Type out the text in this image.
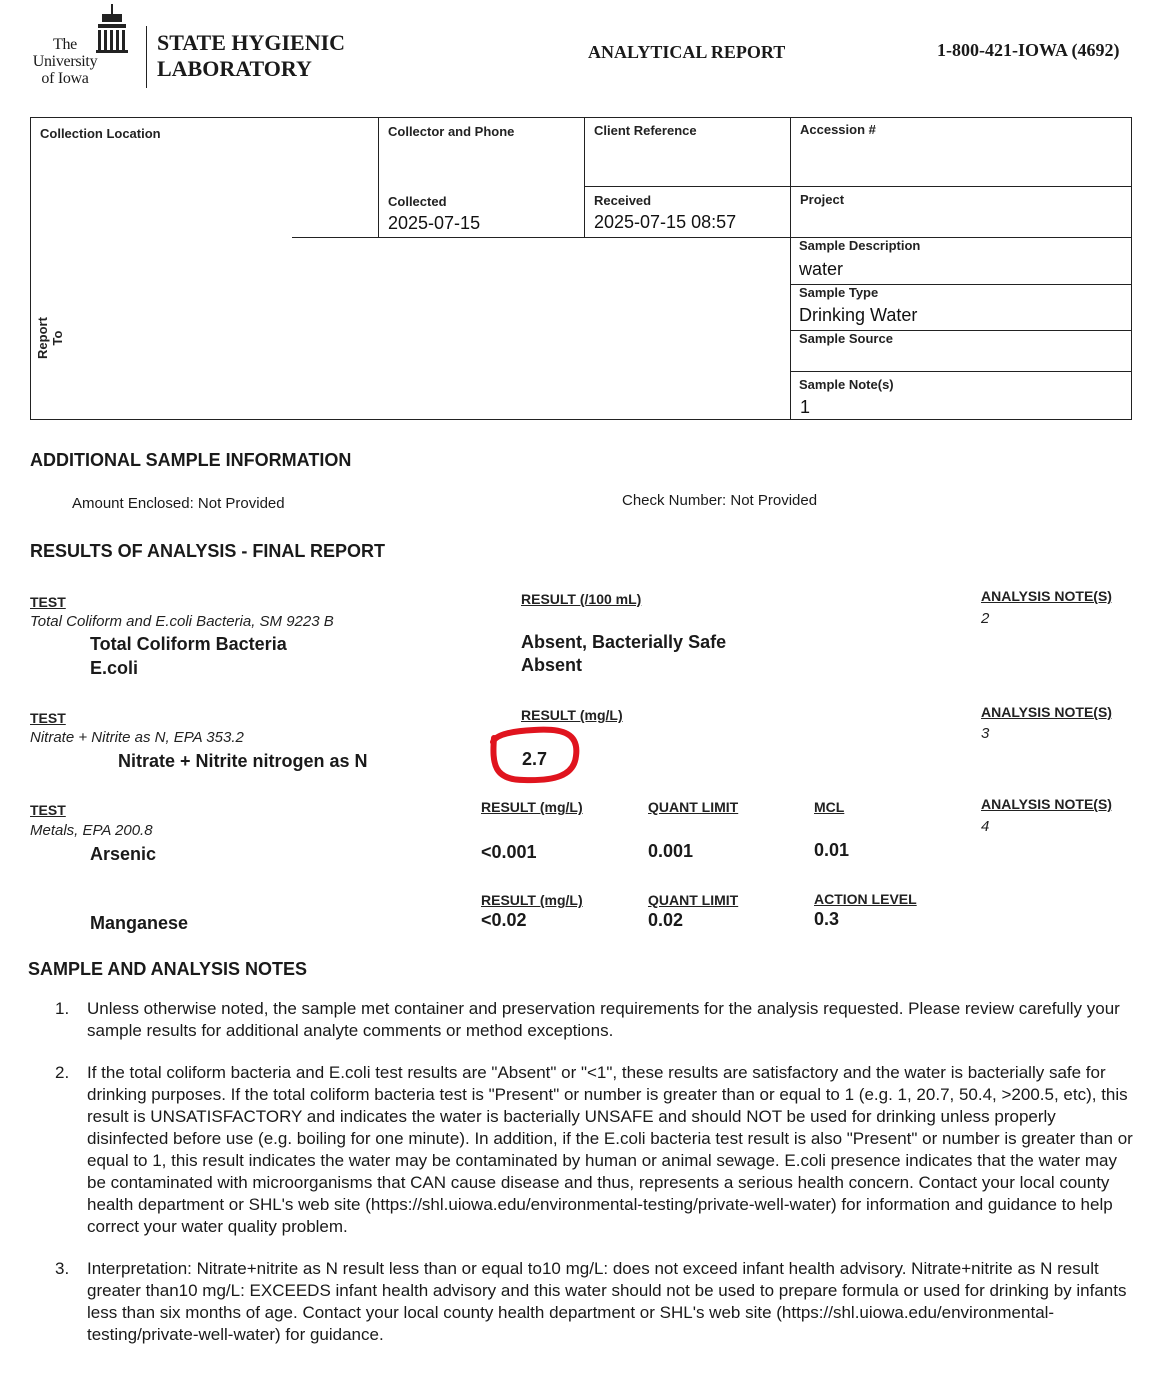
The University of Iowa
STATE HYGIENIC
LABORATORY
ANALYTICAL REPORT	1-800-421-IOWA (4692)
Collection Location	Collector and Phone	Client Reference	Accession #
Collected
2025-07-15
Received
2025-07-15 08:57
Project
Report To
Sample Description
water
Sample Type
Drinking Water
Sample Source
Sample Note(s)
1
ADDITIONAL SAMPLE INFORMATION
Amount Enclosed: Not Provided	Check Number: Not Provided
RESULTS OF ANALYSIS - FINAL REPORT
TEST	RESULT (/100 mL)	ANALYSIS NOTE(S)
Total Coliform and E.coli Bacteria, SM 9223 B	2
Total Coliform Bacteria	Absent, Bacterially Safe
E.coli	Absent
TEST	RESULT (mg/L)	ANALYSIS NOTE(S)
Nitrate + Nitrite as N, EPA 353.2	3
Nitrate + Nitrite nitrogen as N	2.7
TEST	RESULT (mg/L)	QUANT LIMIT	MCL	ANALYSIS NOTE(S)
Metals, EPA 200.8	4
Arsenic	<0.001	0.001	0.01
RESULT (mg/L)	QUANT LIMIT	ACTION LEVEL
Manganese	<0.02	0.02	0.3
SAMPLE AND ANALYSIS NOTES
1. Unless otherwise noted, the sample met container and preservation requirements for the analysis requested. Please review carefully your sample results for additional analyte comments or method exceptions.
2. If the total coliform bacteria and E.coli test results are "Absent" or "<1", these results are satisfactory and the water is bacterially safe for drinking purposes. If the total coliform bacteria test is "Present" or number is greater than or equal to 1 (e.g. 1, 20.7, 50.4, >200.5, etc), this result is UNSATISFACTORY and indicates the water is bacterially UNSAFE and should NOT be used for drinking unless properly disinfected before use (e.g. boiling for one minute). In addition, if the E.coli bacteria test result is also "Present" or number is greater than or equal to 1, this result indicates the water may be contaminated by human or animal sewage. E.coli presence indicates that the water may be contaminated with microorganisms that CAN cause disease and thus, represents a serious health concern. Contact your local county health department or SHL's web site (https://shl.uiowa.edu/environmental-testing/private-well-water) for information and guidance to help correct your water quality problem.
3. Interpretation: Nitrate+nitrite as N result less than or equal to10 mg/L: does not exceed infant health advisory. Nitrate+nitrite as N result greater than10 mg/L: EXCEEDS infant health advisory and this water should not be used to prepare formula or used for drinking by infants less than six months of age. Contact your local county health department or SHL's web site (https://shl.uiowa.edu/environmental-testing/private-well-water) for guidance.
